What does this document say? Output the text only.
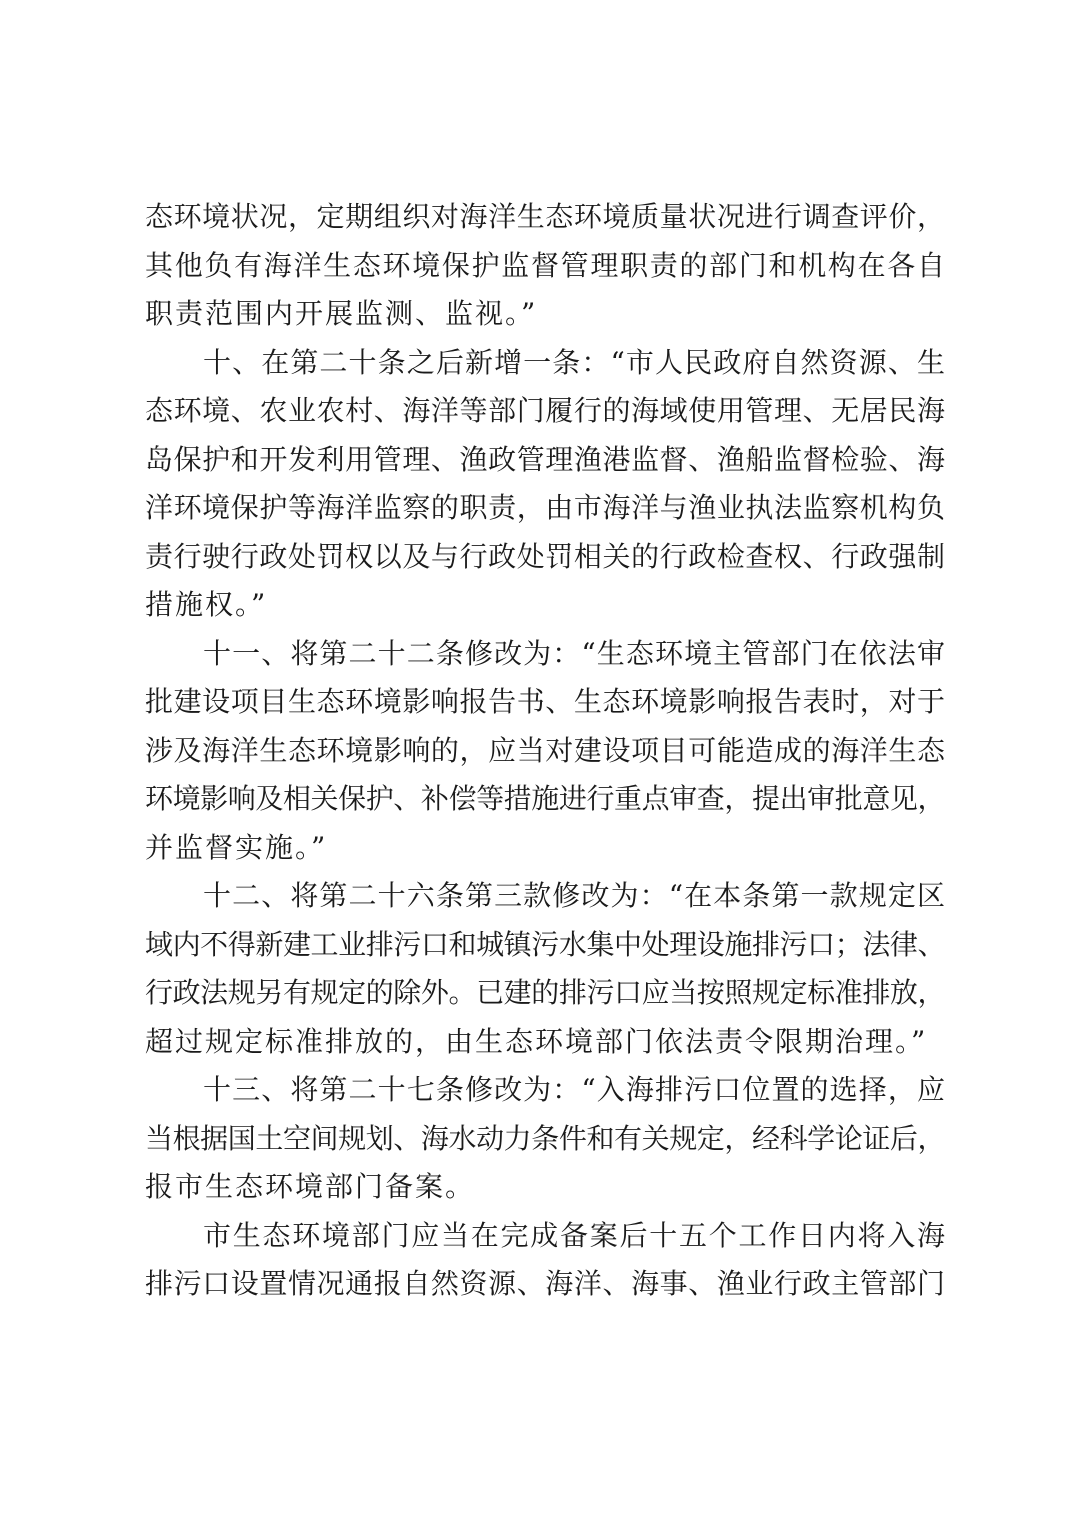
态环境状况，定期组织对海洋生态环境质量状况进行调查评价，
其他负有海洋生态环境保护监督管理职责的部门和机构在各自
职责范围内开展监测、监视。”

十、在第二十条之后新增一条：“市人民政府自然资源、生
态环境、农业农村、海洋等部门履行的海域使用管理、无居民海
岛保护和开发利用管理、渔政管理渔港监督、渔船监督检验、海
洋环境保护等海洋监察的职责，由市海洋与渔业执法监察机构负
责行驶行政处罚权以及与行政处罚相关的行政检查权、行政强制
措施权。”

十一、将第二十二条修改为：“生态环境主管部门在依法审
批建设项目生态环境影响报告书、生态环境影响报告表时，对于
涉及海洋生态环境影响的，应当对建设项目可能造成的海洋生态
环境影响及相关保护、补偿等措施进行重点审查，提出审批意见，
并监督实施。”

十二、将第二十六条第三款修改为：“在本条第一款规定区
域内不得新建工业排污口和城镇污水集中处理设施排污口；法律、
行政法规另有规定的除外。已建的排污口应当按照规定标准排放，
超过规定标准排放的，由生态环境部门依法责令限期治理。”

十三、将第二十七条修改为：“入海排污口位置的选择，应
当根据国土空间规划、海水动力条件和有关规定，经科学论证后，
报市生态环境部门备案。

市生态环境部门应当在完成备案后十五个工作日内将入海
排污口设置情况通报自然资源、海洋、海事、渔业行政主管部门
